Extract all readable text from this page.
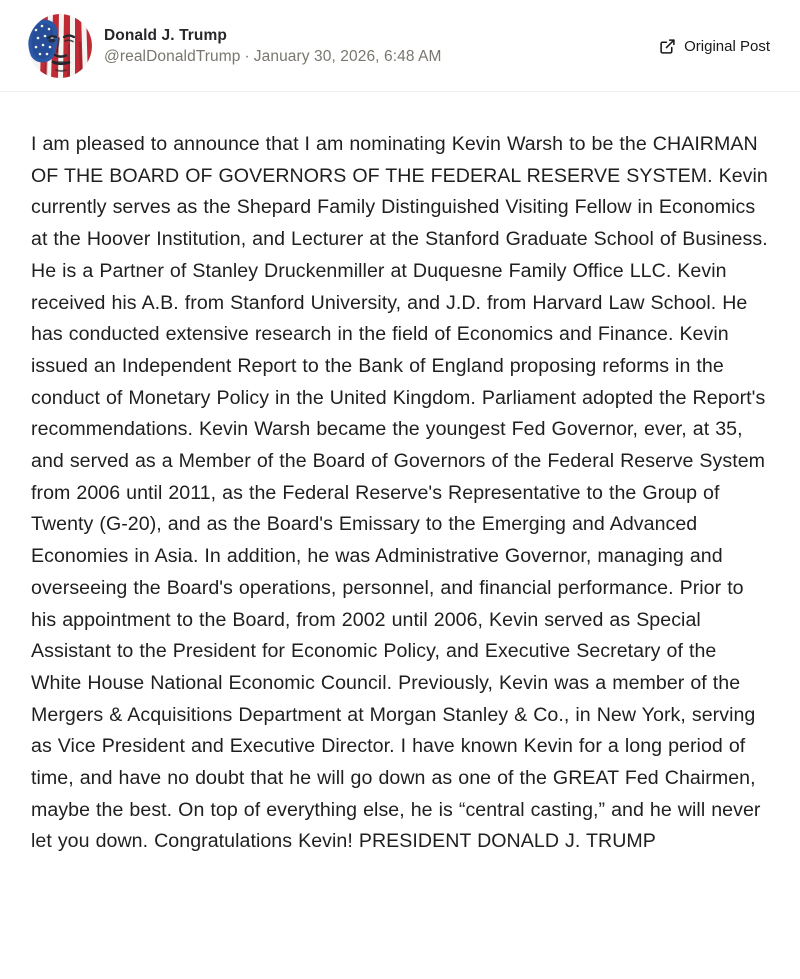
Donald J. Trump
@realDonaldTrump · January 30, 2026, 6:48 AM
Original Post

I am pleased to announce that I am nominating Kevin Warsh to be the CHAIRMAN OF THE BOARD OF GOVERNORS OF THE FEDERAL RESERVE SYSTEM. Kevin currently serves as the Shepard Family Distinguished Visiting Fellow in Economics at the Hoover Institution, and Lecturer at the Stanford Graduate School of Business. He is a Partner of Stanley Druckenmiller at Duquesne Family Office LLC. Kevin received his A.B. from Stanford University, and J.D. from Harvard Law School. He has conducted extensive research in the field of Economics and Finance. Kevin issued an Independent Report to the Bank of England proposing reforms in the conduct of Monetary Policy in the United Kingdom. Parliament adopted the Report's recommendations. Kevin Warsh became the youngest Fed Governor, ever, at 35, and served as a Member of the Board of Governors of the Federal Reserve System from 2006 until 2011, as the Federal Reserve's Representative to the Group of Twenty (G-20), and as the Board's Emissary to the Emerging and Advanced Economies in Asia. In addition, he was Administrative Governor, managing and overseeing the Board's operations, personnel, and financial performance. Prior to his appointment to the Board, from 2002 until 2006, Kevin served as Special Assistant to the President for Economic Policy, and Executive Secretary of the White House National Economic Council. Previously, Kevin was a member of the Mergers & Acquisitions Department at Morgan Stanley & Co., in New York, serving as Vice President and Executive Director. I have known Kevin for a long period of time, and have no doubt that he will go down as one of the GREAT Fed Chairmen, maybe the best. On top of everything else, he is “central casting,” and he will never let you down. Congratulations Kevin! PRESIDENT DONALD J. TRUMP
